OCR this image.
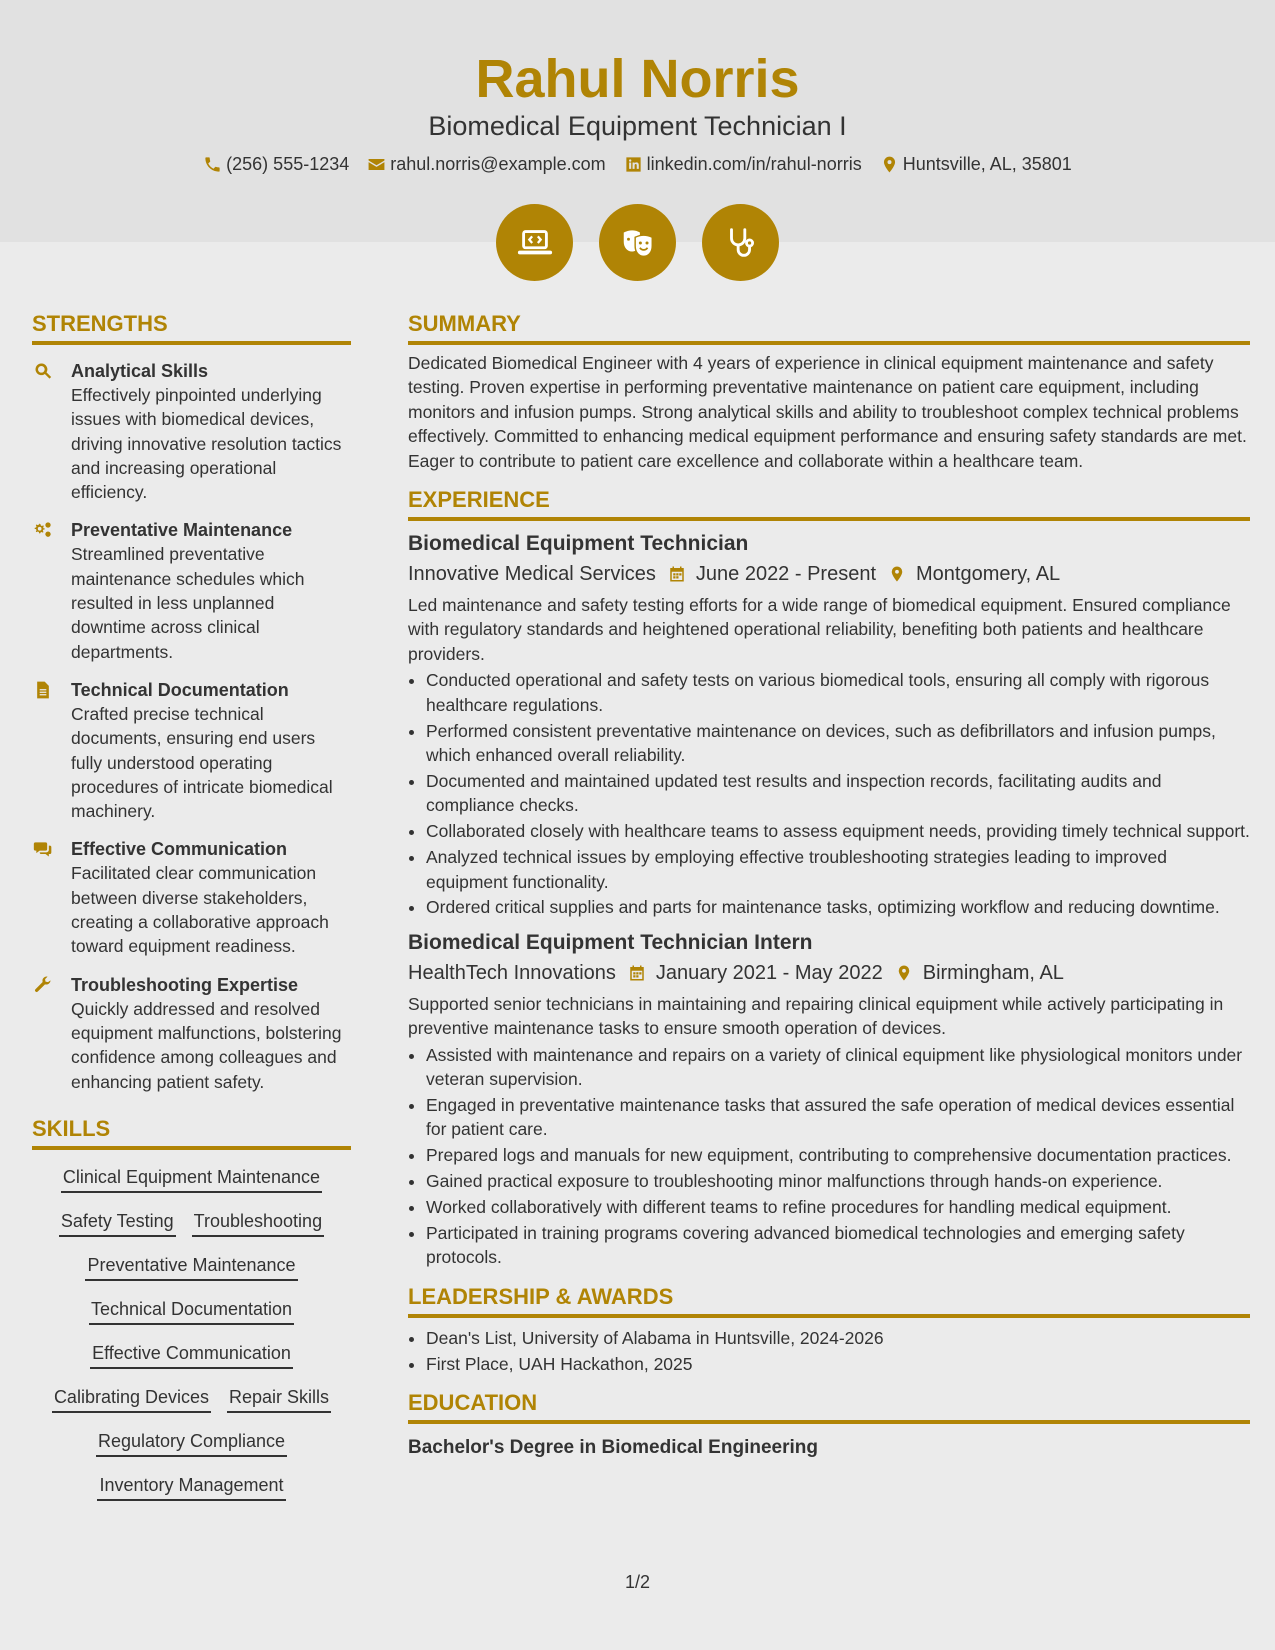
Rahul Norris
Biomedical Equipment Technician I
(256) 555-1234 rahul.norris@example.com linkedin.com/in/rahul-norris Huntsville, AL, 35801
STRENGTHS
Analytical Skills
Effectively pinpointed underlying issues with biomedical devices, driving innovative resolution tactics and increasing operational efficiency.
Preventative Maintenance
Streamlined preventative maintenance schedules which resulted in less unplanned downtime across clinical departments.
Technical Documentation
Crafted precise technical documents, ensuring end users fully understood operating procedures of intricate biomedical machinery.
Effective Communication
Facilitated clear communication between diverse stakeholders, creating a collaborative approach toward equipment readiness.
Troubleshooting Expertise
Quickly addressed and resolved equipment malfunctions, bolstering confidence among colleagues and enhancing patient safety.
SKILLS
Clinical Equipment Maintenance
Safety Testing Troubleshooting
Preventative Maintenance
Technical Documentation
Effective Communication
Calibrating Devices Repair Skills
Regulatory Compliance
Inventory Management
SUMMARY

Dedicated Biomedical Engineer with 4 years of experience in clinical equipment maintenance and safety testing. Proven expertise in performing preventative maintenance on patient care equipment, including monitors and infusion pumps. Strong analytical skills and ability to troubleshoot complex technical problems effectively. Committed to enhancing medical equipment performance and ensuring safety standards are met. Eager to contribute to patient care excellence and collaborate within a healthcare team.

EXPERIENCE
Biomedical Equipment Technician
Innovative Medical Services June 2022 - Present Montgomery, AL

Led maintenance and safety testing efforts for a wide range of biomedical equipment. Ensured compliance with regulatory standards and heightened operational reliability, benefiting both patients and healthcare providers.

• Conducted operational and safety tests on various biomedical tools, ensuring all comply with rigorous healthcare regulations.
• Performed consistent preventative maintenance on devices, such as defibrillators and infusion pumps, which enhanced overall reliability.
• Documented and maintained updated test results and inspection records, facilitating audits and compliance checks.
• Collaborated closely with healthcare teams to assess equipment needs, providing timely technical support.
• Analyzed technical issues by employing effective troubleshooting strategies leading to improved equipment functionality.
• Ordered critical supplies and parts for maintenance tasks, optimizing workflow and reducing downtime.
Biomedical Equipment Technician Intern
HealthTech Innovations January 2021 - May 2022 Birmingham, AL

Supported senior technicians in maintaining and repairing clinical equipment while actively participating in preventive maintenance tasks to ensure smooth operation of devices.

• Assisted with maintenance and repairs on a variety of clinical equipment like physiological monitors under veteran supervision.
• Engaged in preventative maintenance tasks that assured the safe operation of medical devices essential for patient care.
• Prepared logs and manuals for new equipment, contributing to comprehensive documentation practices.
• Gained practical exposure to troubleshooting minor malfunctions through hands-on experience.
• Worked collaboratively with different teams to refine procedures for handling medical equipment.
• Participated in training programs covering advanced biomedical technologies and emerging safety protocols.
LEADERSHIP & AWARDS
• Dean's List, University of Alabama in Huntsville, 2024-2026
• First Place, UAH Hackathon, 2025
EDUCATION
Bachelor's Degree in Biomedical Engineering
1/2
